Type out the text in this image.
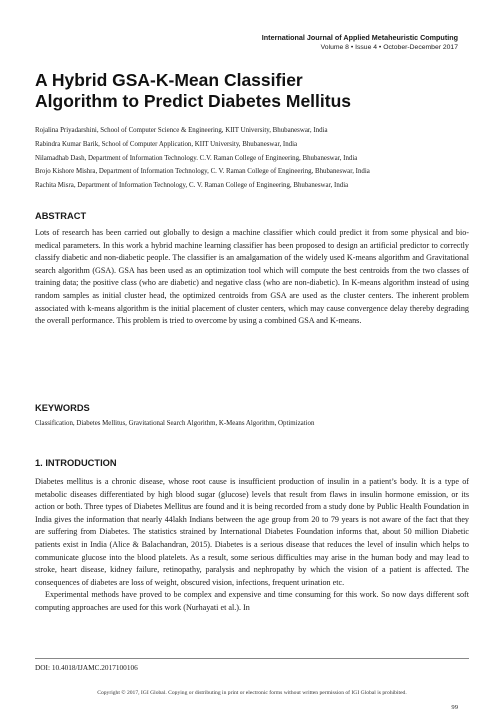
International Journal of Applied Metaheuristic Computing
Volume 8 • Issue 4 • October-December 2017
A Hybrid GSA-K-Mean Classifier
Algorithm to Predict Diabetes Mellitus
Rojalina Priyadarshini, School of Computer Science & Engineering, KIIT University, Bhubaneswar, India
Rabindra Kumar Barik, School of Computer Application, KIIT University, Bhubaneswar, India
Nilamadhab Dash, Department of Information Technology. C.V. Raman College of Engineering, Bhubaneswar, India
Brojo Kishore Mishra, Department of Information Technology, C. V. Raman College of Engineering, Bhubaneswar, India
Rachita Misra, Department of Information Technology, C. V. Raman College of Engineering, Bhubaneswar, India
ABSTRACT

Lots of research has been carried out globally to design a machine classifier which could predict it from some physical and bio-medical parameters. In this work a hybrid machine learning classifier has been proposed to design an artificial predictor to correctly classify diabetic and non-diabetic people. The classifier is an amalgamation of the widely used K-means algorithm and Gravitational search algorithm (GSA). GSA has been used as an optimization tool which will compute the best centroids from the two classes of training data; the positive class (who are diabetic) and negative class (who are non-diabetic). In K-means algorithm instead of using random samples as initial cluster head, the optimized centroids from GSA are used as the cluster centers. The inherent problem associated with k-means algorithm is the initial placement of cluster centers, which may cause convergence delay thereby degrading the overall performance. This problem is tried to overcome by using a combined GSA and K-means.

KEYWORDS
Classification, Diabetes Mellitus, Gravitational Search Algorithm, K-Means Algorithm, Optimization
1. INTRODUCTION

Diabetes mellitus is a chronic disease, whose root cause is insufficient production of insulin in a patient’s body. It is a type of metabolic diseases differentiated by high blood sugar (glucose) levels that result from flaws in insulin hormone emission, or its action or both. Three types of Diabetes Mellitus are found and it is being recorded from a study done by Public Health Foundation in India gives the information that nearly 44lakh Indians between the age group from 20 to 79 years is not aware of the fact that they are suffering from Diabetes. The statistics strained by International Diabetes Foundation informs that, about 50 million Diabetic patients exist in India (Alice & Balachandran, 2015). Diabetes is a serious disease that reduces the level of insulin which helps to communicate glucose into the blood platelets. As a result, some serious difficulties may arise in the human body and may lead to stroke, heart disease, kidney failure, retinopathy, paralysis and nephropathy by which the vision of a patient is affected. The consequences of diabetes are loss of weight, obscured vision, infections, frequent urination etc.

Experimental methods have proved to be complex and expensive and time consuming for this work. So now days different soft computing approaches are used for this work (Nurhayati et al.). In

DOI: 10.4018/IJAMC.2017100106
Copyright © 2017, IGI Global. Copying or distributing in print or electronic forms without written permission of IGI Global is prohibited.
99
